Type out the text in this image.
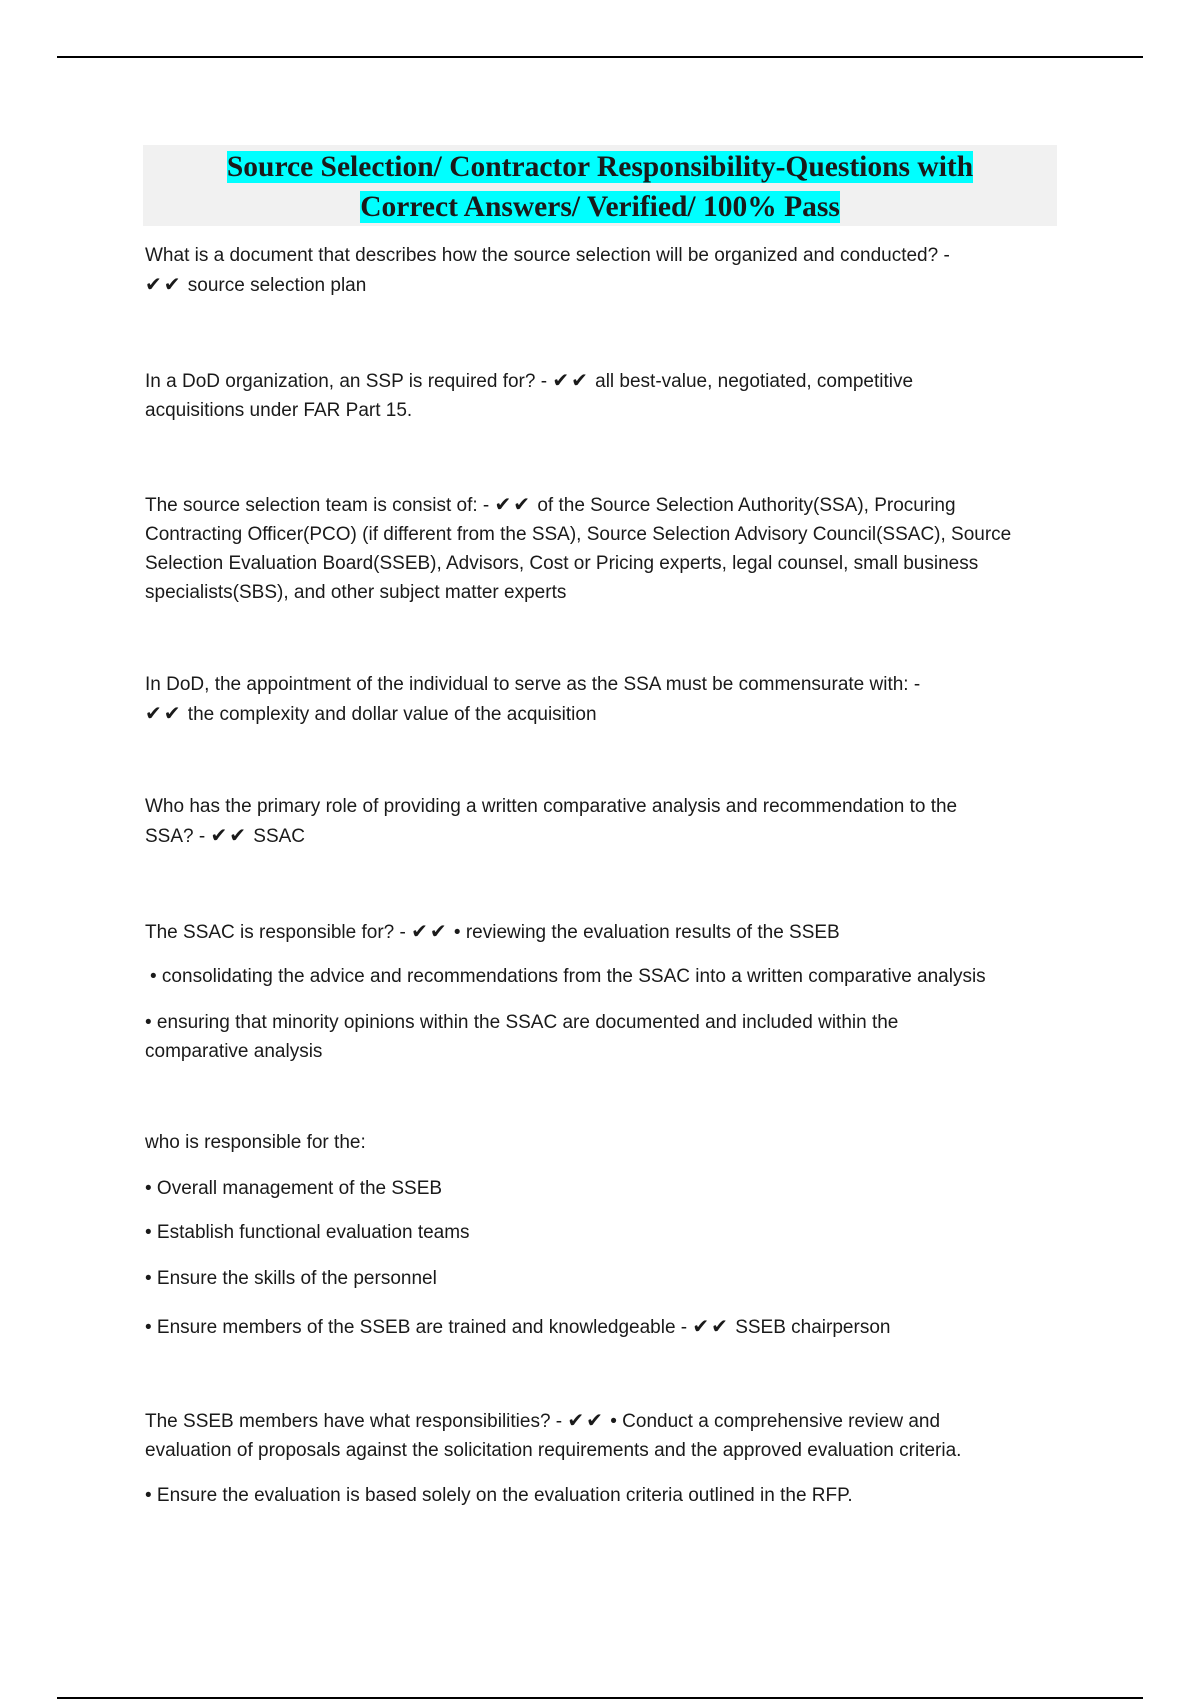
Source Selection/ Contractor Responsibility-Questions with
Correct Answers/ Verified/ 100% Pass
What is a document that describes how the source selection will be organized and conducted? -
✔✔ source selection plan
In a DoD organization, an SSP is required for? - ✔✔ all best-value, negotiated, competitive
acquisitions under FAR Part 15.
The source selection team is consist of: - ✔✔ of the Source Selection Authority(SSA), Procuring
Contracting Officer(PCO) (if different from the SSA), Source Selection Advisory Council(SSAC), Source
Selection Evaluation Board(SSEB), Advisors, Cost or Pricing experts, legal counsel, small business
specialists(SBS), and other subject matter experts
In DoD, the appointment of the individual to serve as the SSA must be commensurate with: -
✔✔ the complexity and dollar value of the acquisition
Who has the primary role of providing a written comparative analysis and recommendation to the
SSA? - ✔✔ SSAC
The SSAC is responsible for? - ✔✔ • reviewing the evaluation results of the SSEB
• consolidating the advice and recommendations from the SSAC into a written comparative analysis
• ensuring that minority opinions within the SSAC are documented and included within the
comparative analysis
who is responsible for the:
• Overall management of the SSEB
• Establish functional evaluation teams
• Ensure the skills of the personnel
• Ensure members of the SSEB are trained and knowledgeable - ✔✔ SSEB chairperson
The SSEB members have what responsibilities? - ✔✔ • Conduct a comprehensive review and
evaluation of proposals against the solicitation requirements and the approved evaluation criteria.
• Ensure the evaluation is based solely on the evaluation criteria outlined in the RFP.
